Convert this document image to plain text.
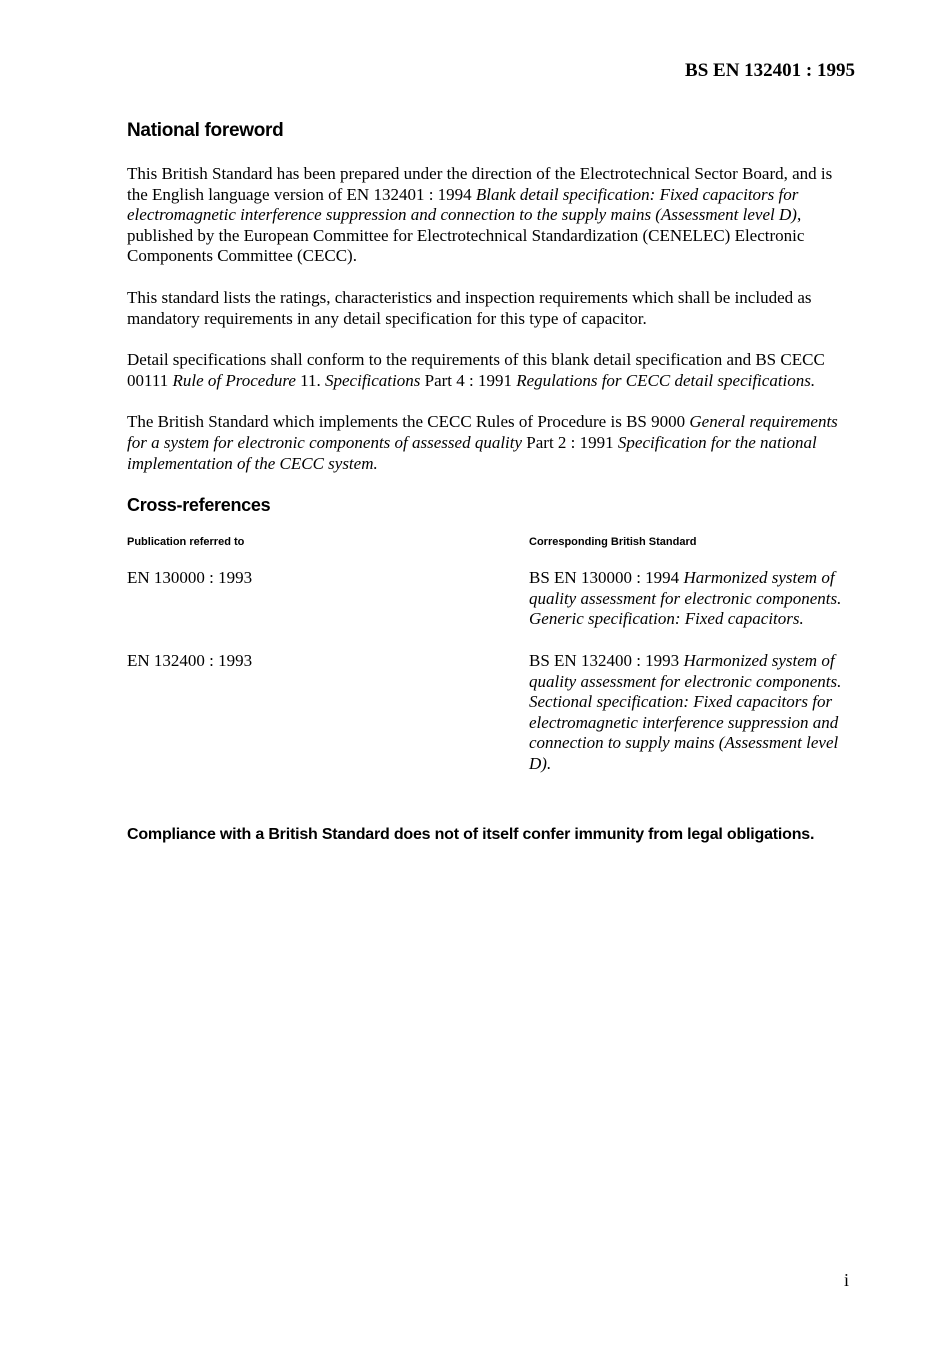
BS EN 132401 : 1995
National foreword

This British Standard has been prepared under the direction of the Electrotechnical Sector Board, and is the English language version of EN 132401 : 1994 Blank detail specification: Fixed capacitors for electromagnetic interference suppression and connection to the supply mains (Assessment level D), published by the European Committee for Electrotechnical Standardization (CENELEC) Electronic Components Committee (CECC).

This standard lists the ratings, characteristics and inspection requirements which shall be included as mandatory requirements in any detail specification for this type of capacitor.

Detail specifications shall conform to the requirements of this blank detail specification and BS CECC 00111 Rule of Procedure 11. Specifications Part 4 : 1991 Regulations for CECC detail specifications.

The British Standard which implements the CECC Rules of Procedure is BS 9000 General requirements for a system for electronic components of assessed quality Part 2 : 1991 Specification for the national implementation of the CECC system.

Cross-references
Publication referred to	Corresponding British Standard
EN 130000 : 1993	BS EN 130000 : 1994 Harmonized system of quality assessment for electronic components. Generic specification: Fixed capacitors.
EN 132400 : 1993	BS EN 132400 : 1993 Harmonized system of quality assessment for electronic components. Sectional specification: Fixed capacitors for electromagnetic interference suppression and connection to supply mains (Assessment level D).
Compliance with a British Standard does not of itself confer immunity from legal obligations.
i
